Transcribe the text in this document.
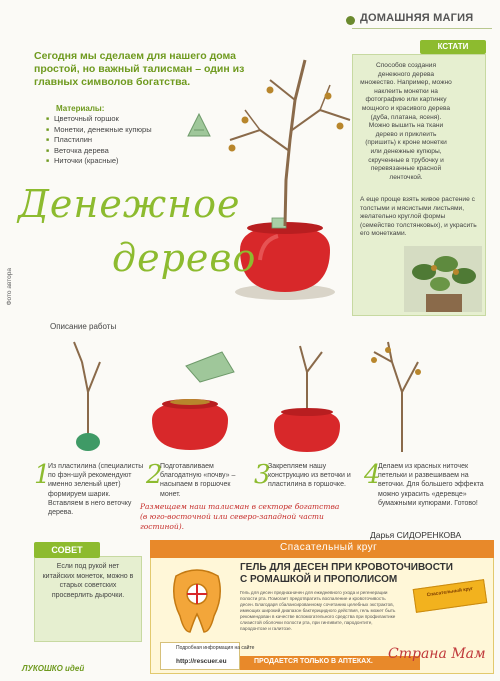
ДОМАШНЯЯ МАГИЯ
Сегодня мы сделаем для нашего дома простой, но важный талисман – один из главных символов богатства.
Материалы:
■ Цветочный горшок
■ Монетки, денежные купюры
■ Пластилин
■ Веточка дерева
■ Ниточки (красные)
Денежное
дерево
Фото автора
КСТАТИ
Способов создания денежного дерева множество. Например, можно наклеить монетки на фотографию или картинку мощного и красивого дерева (дуба, платана, ясеня). Можно вышить на ткани дерево и приклеить (пришить) к кроне монетки или денежные купюры, скрученные в трубочку и перевязанные красной ленточкой.
А еще проще взять живое растение с толстыми и мясистыми листьями, желательно круглой формы (семейство толстянковых), и украсить его монетками.
Описание работы
1
Из пластилина (специалисты по фэн-шуй рекомендуют именно зеленый цвет) формируем шарик. Вставляем в него веточку дерева.
2
Подготавливаем благодатную «почву» – насыпаем в горшочек монет.
3
Закрепляем нашу конструкцию из веточки и пластилина в горшочке. 4
Делаем из красных ниточек петельки и развешиваем на веточки. Для большего эффекта можно украсить «деревце» бумажными купюрами. Готово!
Размещаем наш талисман в секторе богатства (в юго-восточной или северо-западной части гостиной).
Дарья СИДОРЕНКОВА
СОВЕТ
Если под рукой нет китайских монеток, можно в старых советских просверлить дырочки.
Спасательный круг
ГЕЛЬ ДЛЯ ДЕСЕН ПРИ КРОВОТОЧИВОСТИ
С РОМАШКОЙ И ПРОПОЛИСОМ
Гель для десен предназначен для ежедневного ухода и регенерации полости рта. Помогает предотвратить воспаление и кровоточивость десен. Благодаря сбалансированному сочетанию целебных экстрактов, имеющих широкий диапазон бактерицидного действия, гель может быть рекомендован в качестве вспомогательного средства при профилактике слизистой оболочки полости рта, при гингивите, пародонтите, пародонтозе и галитозе.
Спасательный круг
Подробная информация на сайте
http://rescuer.eu	ПРОДАЕТСЯ ТОЛЬКО В АПТЕКАХ.
ЛУКОШКО идей
Страна Мам
